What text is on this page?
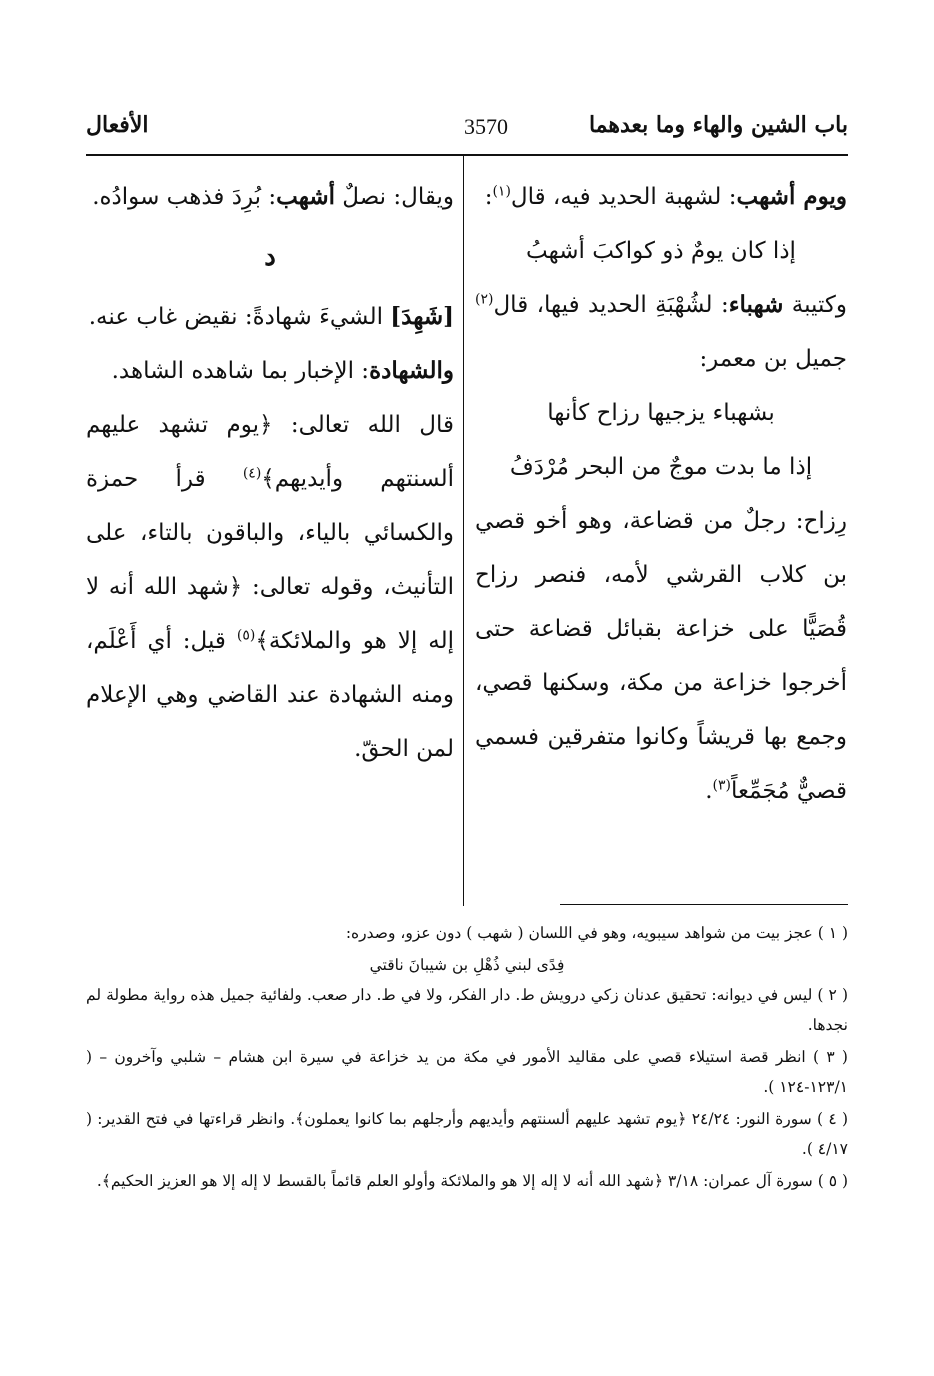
باب الشين والهاء وما بعدهما
3570
الأفعال

ويوم أشهب: لشهبة الحديد فيه، قال$^{(١)}$:

إذا كان يومٌ ذو كواكبَ أشهبُ

وكتيبة شهباء: لشُهْبَةِ الحديد فيها، قال$^{(٢)}$ جميل بن معمر:

بشهباء يزجيها رزاح كأنها

إذا ما بدت موجٌ من البحر مُرْدَفُ

رِزاح: رجلٌ من قضاعة، وهو أخو قصي بن كلاب القرشي لأمه، فنصر رزاح قُصَيًّا على خزاعة بقبائل قضاعة حتى أخرجوا خزاعة من مكة، وسكنها قصي، وجمع بها قريشاً وكانوا متفرقين فسمي قصيٌّ مُجَمِّعاً$^{(٣)}$.

ويقال: نصلٌ أشهب: بُرِدَ فذهب سوادُه.

د

[شَهِدَ] الشيءَ شهادةً: نقيض غاب عنه.

والشهادة: الإخبار بما شاهده الشاهد.

قال الله تعالى: ﴿يوم تشهد عليهم ألسنتهم وأيديهم﴾$^{(٤)}$ قرأ حمزة والكسائي بالياء، والباقون بالتاء، على التأنيث، وقوله تعالى: ﴿شهد الله أنه لا إله إلا هو والملائكة﴾$^{(٥)}$ قيل: أي أَعْلَم، ومنه الشهادة عند القاضي وهي الإعلام لمن الحقّ.

( ١ ) عجز بيت من شواهد سيبويه، وهو في اللسان ( شهب ) دون عزو، وصدره:

فِدًى لبني ذُهْلِ بن شيبانَ ناقتي

( ٢ ) ليس في ديوانه: تحقيق عدنان زكي درويش ط. دار الفكر، ولا في ط. دار صعب. ولفائية جميل هذه رواية مطولة لم نجدها.

( ٣ ) انظر قصة استيلاء قصي على مقاليد الأمور في مكة من يد خزاعة في سيرة ابن هشام – شلبي وآخرون – ( ١٢٣/١-١٢٤ ).

( ٤ ) سورة النور: ٢٤/٢٤ ﴿يوم تشهد عليهم ألسنتهم وأيديهم وأرجلهم بما كانوا يعملون﴾. وانظر قراءتها في فتح القدير: ( ٤/١٧ ).

( ٥ ) سورة آل عمران: ٣/١٨ ﴿شهد الله أنه لا إله إلا هو والملائكة وأولو العلم قائماً بالقسط لا إله إلا هو العزيز الحكيم﴾.
